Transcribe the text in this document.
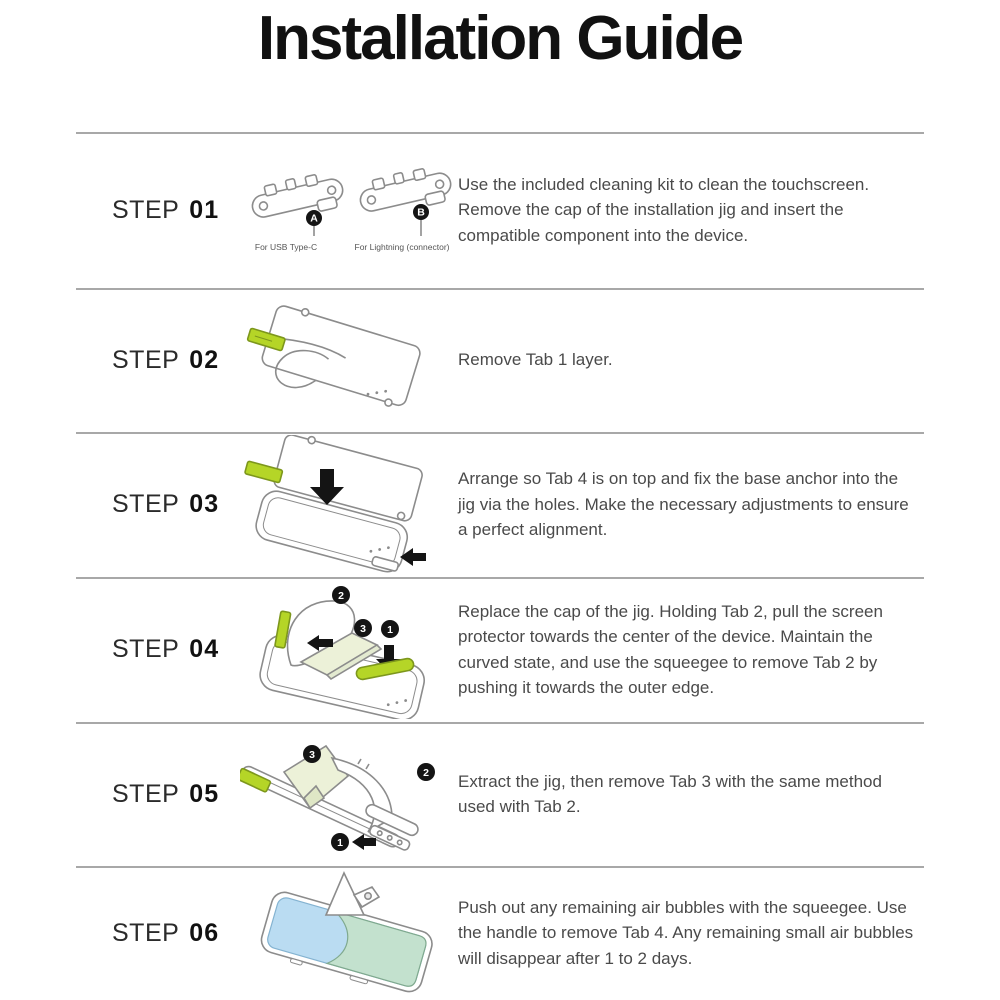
Installation Guide
STEP 01	A
For USB Type-C
B
For Lightning (connector)
Use the included cleaning kit to clean the touchscreen. Remove the cap of the installation jig and insert the compatible component into the device.
STEP 02	Remove Tab 1 layer.
STEP 03
Arrange so Tab 4 is on top and fix the base anchor into the jig via the holes. Make the necessary adjustments to ensure a perfect alignment.
STEP 04
2
3 1
Replace the cap of the jig. Holding Tab 2, pull the screen protector towards the center of the device. Maintain the curved state, and use the squeegee to remove Tab 2 by pushing it towards the outer edge.
STEP 05
3
2
1
Extract the jig, then remove Tab 3 with the same method used with Tab 2.
STEP 06
Push out any remaining air bubbles with the squeegee. Use the handle to remove Tab 4. Any remaining small air bubbles will disappear after 1 to 2 days.
